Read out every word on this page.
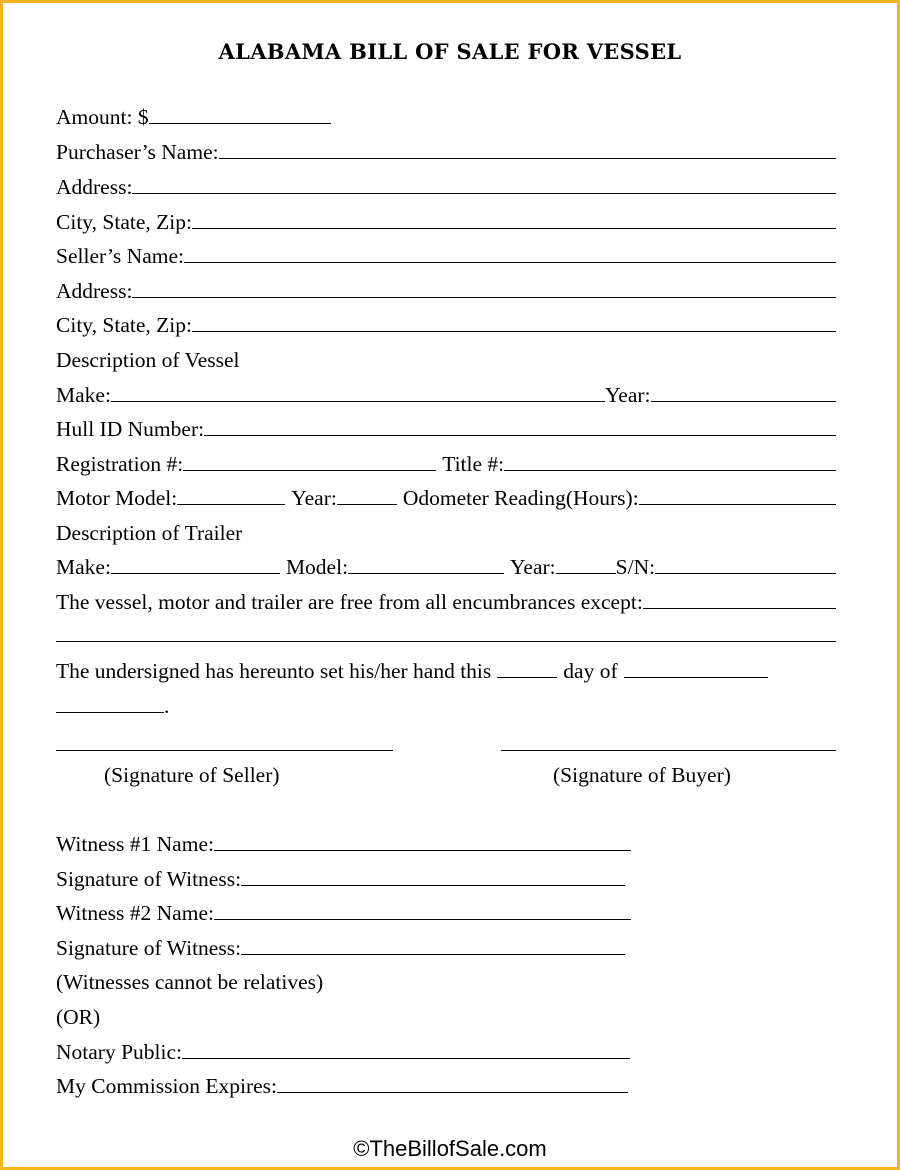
ALABAMA BILL OF SALE FOR VESSEL
Amount: $
Purchaser’s Name:
Address:
City, State, Zip:
Seller’s Name:
Address:
City, State, Zip:
Description of Vessel
Make:	Year:
Hull ID Number:
Registration #:	Title #:
Motor Model:	Year:	Odometer Reading(Hours):
Description of Trailer
Make:	Model:	Year:	S/N:
The vessel, motor and trailer are free from all encumbrances except:
The undersigned has hereunto set his/her hand this	day of
.
(Signature of Seller)	(Signature of Buyer)
Witness #1 Name:
Signature of Witness:
Witness #2 Name:
Signature of Witness:
(Witnesses cannot be relatives)
(OR)
Notary Public:
My Commission Expires:
©TheBillofSale.com
